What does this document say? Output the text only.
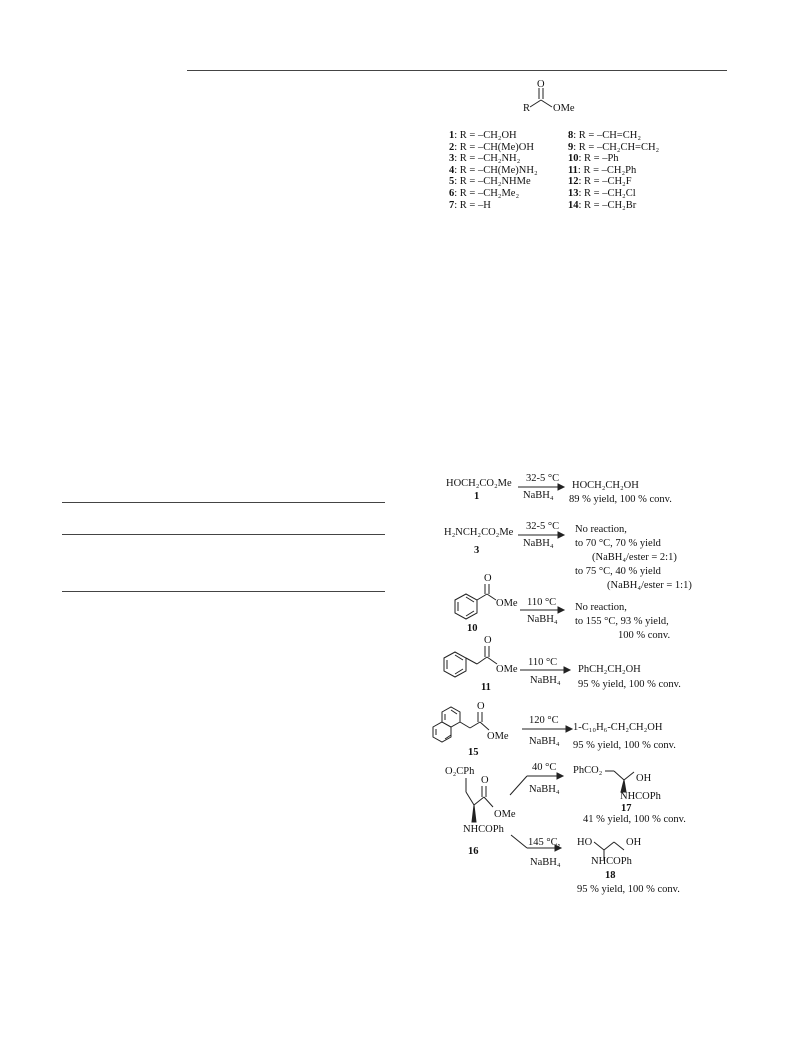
R
O
OMe
1: R = –CH₂OH
2: R = –CH(Me)OH
3: R = –CH₂NH₂
4: R = –CH(Me)NH₂
5: R = –CH₂NHMe
6: R = –CH₂Me₂
7: R = –H
8: R = –CH=CH₂
9: R = –CH₂CH=CH₂
10: R = –Ph
11: R = –CH₂Ph
12: R = –CH₂F
13: R = –CH₂Cl
14: R = –CH₂Br
HOCH₂CO₂Me
1
32-5 °C
NaBH₄
HOCH₂CH₂OH
89 % yield, 100 % conv.
H₂NCH₂CO₂Me
3
32-5 °C
NaBH₄
No reaction,
to 70 °C, 70 % yield
(NaBH₄/ester = 2:1)
to 75 °C, 40 % yield
(NaBH₄/ester = 1:1)
O
OMe
10
110 °C
NaBH₄
No reaction,
to 155 °C, 93 % yield,
100 % conv.
O
OMe
11
110 °C
NaBH₄
PhCH₂CH₂OH
95 % yield, 100 % conv.
O
OMe
15
120 °C
NaBH₄
1-C₁₀H₆-CH₂CH₂OH
95 % yield, 100 % conv.
O₂CPh
O
OMe
NHCOPh
16
40 °C
NaBH₄
PhCO₂
OH
NHCOPh
17
41 % yield, 100 % conv.
145 °C,
NaBH₄
HO	OH
NHCOPh
18
95 % yield, 100 % conv.
